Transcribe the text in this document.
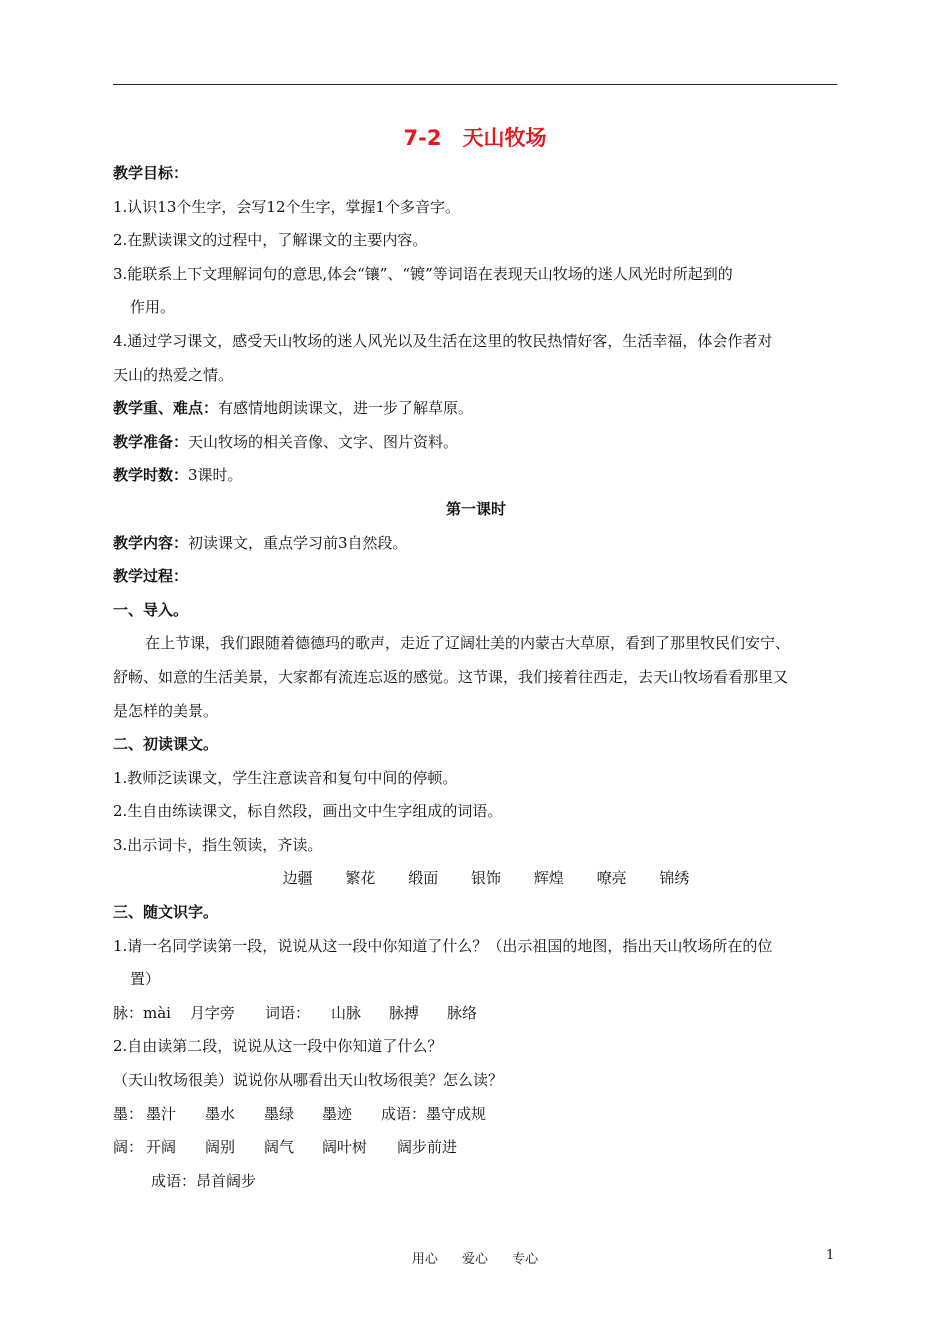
7-2　天山牧场
教学目标：
1.认识13个生字，会写12个生字，掌握1个多音字。
2.在默读课文的过程中，了解课文的主要内容。
3.能联系上下文理解词句的意思,体会“镶”、“镀”等词语在表现天山牧场的迷人风光时所起到的
作用。
4.通过学习课文，感受天山牧场的迷人风光以及生活在这里的牧民热情好客，生活幸福，体会作者对
天山的热爱之情。
教学重、难点：有感情地朗读课文，进一步了解草原。
教学准备：天山牧场的相关音像、文字、图片资料。
教学时数：3课时。
第一课时
教学内容：初读课文，重点学习前3自然段。
教学过程：
一、导入。
在上节课，我们跟随着德德玛的歌声，走近了辽阔壮美的内蒙古大草原，看到了那里牧民们安宁、
舒畅、如意的生活美景，大家都有流连忘返的感觉。这节课，我们接着往西走，去天山牧场看看那里又
是怎样的美景。
二、初读课文。
1.教师泛读课文，学生注意读音和复句中间的停顿。
2.生自由练读课文，标自然段，画出文中生字组成的词语。
3.出示词卡，指生领读，齐读。
边疆 繁花 缎面 银饰 辉煌 嘹亮 锦绣
三、随文识字。
1.请一名同学读第一段，说说从这一段中你知道了什么？（出示祖国的地图，指出天山牧场所在的位
置）
脉：mài 月字旁 词语： 山脉 脉搏 脉络
2.自由读第二段，说说从这一段中你知道了什么？
（天山牧场很美）说说你从哪看出天山牧场很美？怎么读？
墨： 墨汁 墨水 墨绿 墨迹 成语：墨守成规
阔： 开阔 阔别 阔气 阔叶树 阔步前进
成语：昂首阔步
用心 爱心 专心	1
